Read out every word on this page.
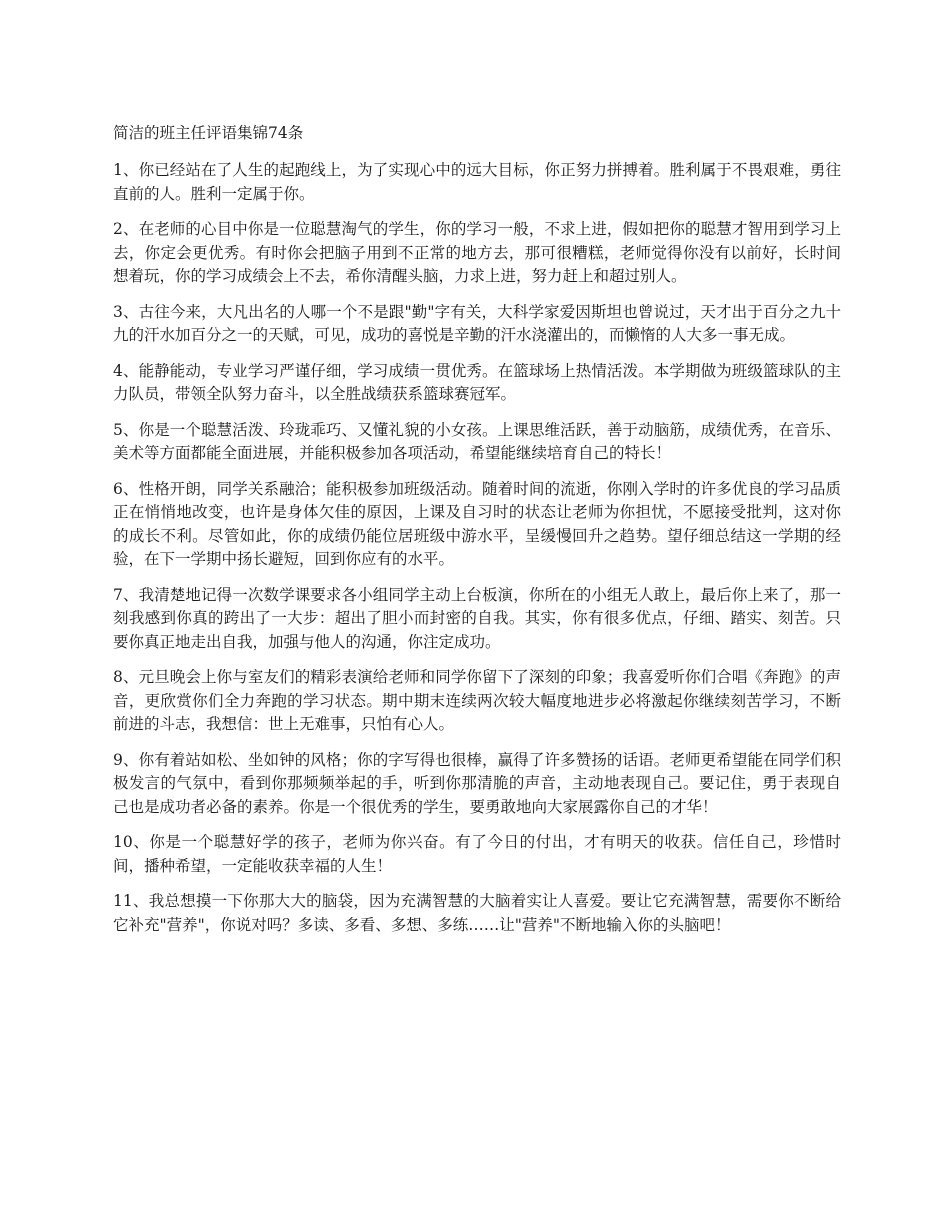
简洁的班主任评语集锦74条

1、你已经站在了人生的起跑线上，为了实现心中的远大目标，你正努力拼搏着。胜利属于不畏艰难，勇往直前的人。胜利一定属于你。

2、在老师的心目中你是一位聪慧淘气的学生，你的学习一般，不求上进，假如把你的聪慧才智用到学习上去，你定会更优秀。有时你会把脑子用到不正常的地方去，那可很糟糕，老师觉得你没有以前好，长时间想着玩，你的学习成绩会上不去，希你清醒头脑，力求上进，努力赶上和超过别人。

3、古往今来，大凡出名的人哪一个不是跟"勤"字有关，大科学家爱因斯坦也曾说过，天才出于百分之九十九的汗水加百分之一的天赋，可见，成功的喜悦是辛勤的汗水浇灌出的，而懒惰的人大多一事无成。

4、能静能动，专业学习严谨仔细，学习成绩一贯优秀。在篮球场上热情活泼。本学期做为班级篮球队的主力队员，带领全队努力奋斗，以全胜战绩获系篮球赛冠军。

5、你是一个聪慧活泼、玲珑乖巧、又懂礼貌的小女孩。上课思维活跃，善于动脑筋，成绩优秀，在音乐、美术等方面都能全面进展，并能积极参加各项活动，希望能继续培育自己的特长！

6、性格开朗，同学关系融洽；能积极参加班级活动。随着时间的流逝，你刚入学时的许多优良的学习品质正在悄悄地改变，也许是身体欠佳的原因，上课及自习时的状态让老师为你担忧，不愿接受批判，这对你的成长不利。尽管如此，你的成绩仍能位居班级中游水平，呈缓慢回升之趋势。望仔细总结这一学期的经验，在下一学期中扬长避短，回到你应有的水平。

7、我清楚地记得一次数学课要求各小组同学主动上台板演，你所在的小组无人敢上，最后你上来了，那一刻我感到你真的跨出了一大步：超出了胆小而封密的自我。其实，你有很多优点，仔细、踏实、刻苦。只要你真正地走出自我，加强与他人的沟通，你注定成功。

8、元旦晚会上你与室友们的精彩表演给老师和同学你留下了深刻的印象；我喜爱听你们合唱《奔跑》的声音，更欣赏你们全力奔跑的学习状态。期中期末连续两次较大幅度地进步必将激起你继续刻苦学习，不断前进的斗志，我想信：世上无难事，只怕有心人。

9、你有着站如松、坐如钟的风格；你的字写得也很棒，赢得了许多赞扬的话语。老师更希望能在同学们积极发言的气氛中，看到你那频频举起的手，听到你那清脆的声音，主动地表现自己。要记住，勇于表现自己也是成功者必备的素养。你是一个很优秀的学生，要勇敢地向大家展露你自己的才华！

10、你是一个聪慧好学的孩子，老师为你兴奋。有了今日的付出，才有明天的收获。信任自己，珍惜时间，播种希望，一定能收获幸福的人生！

11、我总想摸一下你那大大的脑袋，因为充满智慧的大脑着实让人喜爱。要让它充满智慧，需要你不断给它补充"营养"，你说对吗？多读、多看、多想、多练……让"营养"不断地输入你的头脑吧！
